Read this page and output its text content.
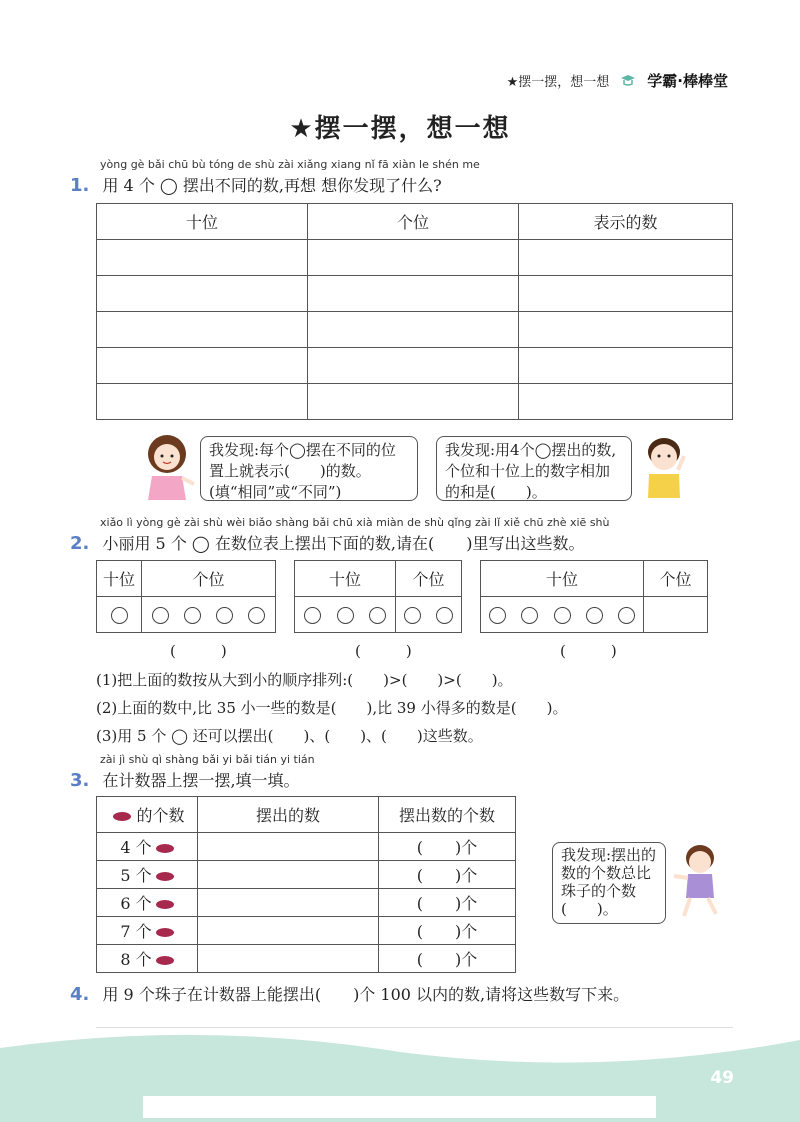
★摆一摆，想一想	学霸·棒棒堂
★摆一摆，想一想
yòng gè bǎi chū bù tóng de shù zài xiǎng xiang nǐ fā xiàn le shén me
1. 用 4 个 ◯ 摆出不同的数,再想 想你发现了什么?
十位	个位	表示的数

我发现:每个◯摆在不同的位置上就表示(　　)的数。(填“相同”或“不同”)
我发现:用4个◯摆出的数,个位和十位上的数字相加的和是(　　)。
xiǎo lì yòng gè zài shù wèi biǎo shàng bǎi chū xià miàn de shù qǐng zài lǐ xiě chū zhè xiē shù
2. 小丽用 5 个 ◯ 在数位表上摆出下面的数,请在(　　)里写出这些数。
十位	个位
		十位	个位
		十位	个位

(　　　)	(　　　)	(　　　)
(1)把上面的数按从大到小的顺序排列:(　　)>(　　)>(　　)。
(2)上面的数中,比 35 小一些的数是(　　),比 39 小得多的数是(　　)。
(3)用 5 个 ◯ 还可以摆出(　　)、(　　)、(　　)这些数。
zài jì shù qì shàng bǎi yi bǎi tián yi tián
3. 在计数器上摆一摆,填一填。
的个数	摆出的数	摆出数的个数
4 个		(　　)个
5 个		(　　)个
6 个		(　　)个
7 个		(　　)个
8 个		(　　)个
我发现:摆出的数的个数总比珠子的个数(　　)。
4. 用 9 个珠子在计数器上能摆出(　　)个 100 以内的数,请将这些数写下来。
49
